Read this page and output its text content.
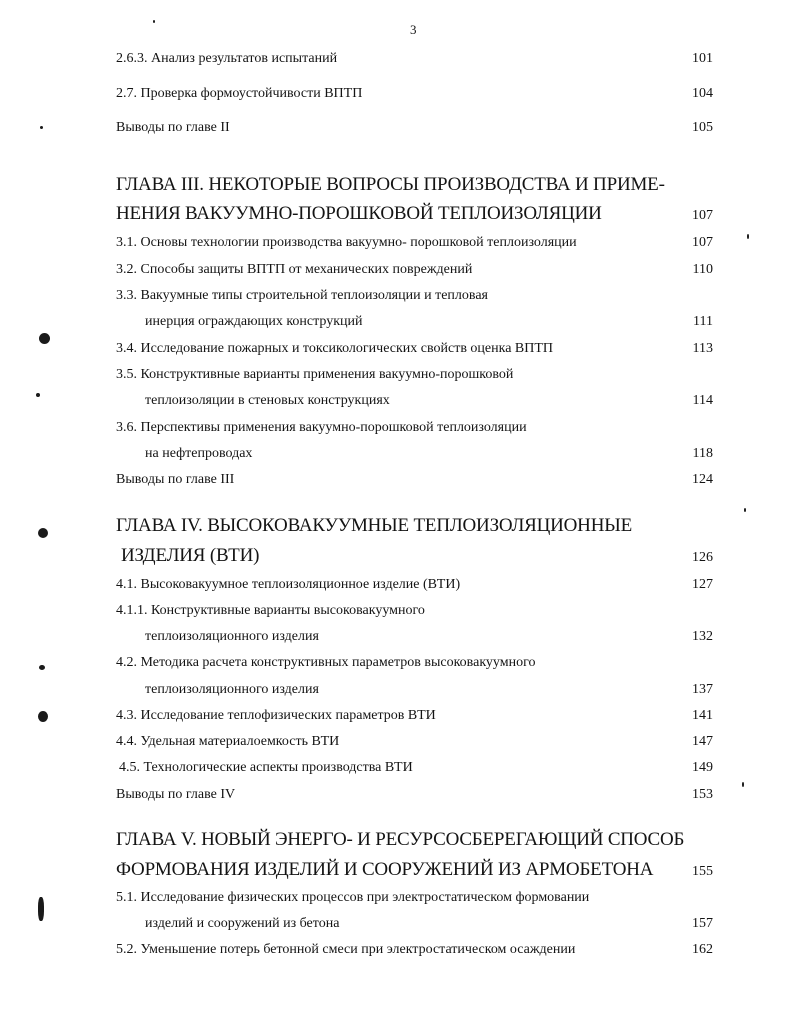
3
2.6.3. Анализ результатов испытаний	101
2.7. Проверка формоустойчивости ВПТП	104
Выводы по главе II	105
ГЛАВА III. НЕКОТОРЫЕ ВОПРОСЫ ПРОИЗВОДСТВА И ПРИМЕ-
НЕНИЯ ВАКУУМНО-ПОРОШКОВОЙ ТЕПЛОИЗОЛЯЦИИ	107
3.1. Основы технологии производства вакуумно- порошковой теплоизоляции	107
3.2. Способы защиты ВПТП от механических повреждений	110
3.3. Вакуумные типы строительной теплоизоляции и тепловая
инерция ограждающих конструкций	111
3.4. Исследование пожарных и токсикологических свойств оценка ВПТП	113
3.5. Конструктивные варианты применения вакуумно-порошковой
теплоизоляции в стеновых конструкциях	114
3.6. Перспективы применения вакуумно-порошковой теплоизоляции
на нефтепроводах	118
Выводы по главе III	124
ГЛАВА IV. ВЫСОКОВАКУУМНЫЕ ТЕПЛОИЗОЛЯЦИОННЫЕ
ИЗДЕЛИЯ (ВТИ)	126
4.1. Высоковакуумное теплоизоляционное изделие (ВТИ)	127
4.1.1. Конструктивные варианты высоковакуумного
теплоизоляционного изделия	132
4.2. Методика расчета конструктивных параметров высоковакуумного
теплоизоляционного изделия	137
4.3. Исследование теплофизических параметров ВТИ	141
4.4. Удельная материалоемкость ВТИ	147
4.5. Технологические аспекты производства ВТИ	149
Выводы по главе IV	153
ГЛАВА V. НОВЫЙ ЭНЕРГО- И РЕСУРСОСБЕРЕГАЮЩИЙ СПОСОБ
ФОРМОВАНИЯ ИЗДЕЛИЙ И СООРУЖЕНИЙ ИЗ АРМОБЕТОНА	155
5.1. Исследование физических процессов при электростатическом формовании
изделий и сооружений из бетона	157
5.2. Уменьшение потерь бетонной смеси при электростатическом осаждении	162
